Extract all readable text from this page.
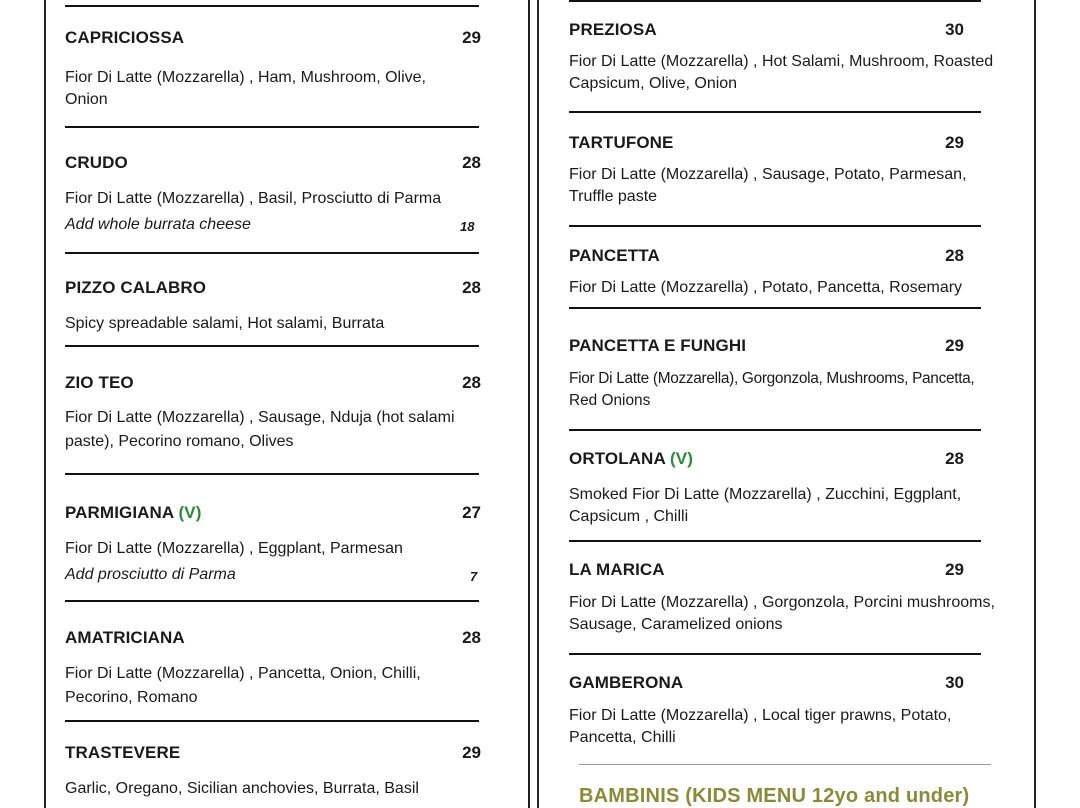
CAPRICIOSSA	29
Fior Di Latte (Mozzarella) , Ham, Mushroom, Olive,
Onion
CRUDO	28
Fior Di Latte (Mozzarella) , Basil, Prosciutto di Parma
Add whole burrata cheese	18
PIZZO CALABRO	28
Spicy spreadable salami, Hot salami, Burrata
ZIO TEO	28
Fior Di Latte (Mozzarella) , Sausage, Nduja (hot salami
paste), Pecorino romano, Olives
PARMIGIANA (V)	27
Fior Di Latte (Mozzarella) , Eggplant, Parmesan
Add prosciutto di Parma	7
AMATRICIANA	28
Fior Di Latte (Mozzarella) , Pancetta, Onion, Chilli,
Pecorino, Romano
TRASTEVERE	29
Garlic, Oregano, Sicilian anchovies, Burrata, Basil
PREZIOSA	30
Fior Di Latte (Mozzarella) , Hot Salami, Mushroom, Roasted
Capsicum, Olive, Onion
TARTUFONE	29
Fior Di Latte (Mozzarella) , Sausage, Potato, Parmesan,
Truffle paste
PANCETTA	28
Fior Di Latte (Mozzarella) , Potato, Pancetta, Rosemary
PANCETTA E FUNGHI	29
Fior Di Latte (Mozzarella), Gorgonzola, Mushrooms, Pancetta,
Red Onions
ORTOLANA (V)	28
Smoked Fior Di Latte (Mozzarella) , Zucchini, Eggplant,
Capsicum , Chilli
LA MARICA	29
Fior Di Latte (Mozzarella) , Gorgonzola, Porcini mushrooms,
Sausage, Caramelized onions
GAMBERONA	30
Fior Di Latte (Mozzarella) , Local tiger prawns, Potato,
Pancetta, Chilli
BAMBINIS (KIDS MENU 12yo and under)
